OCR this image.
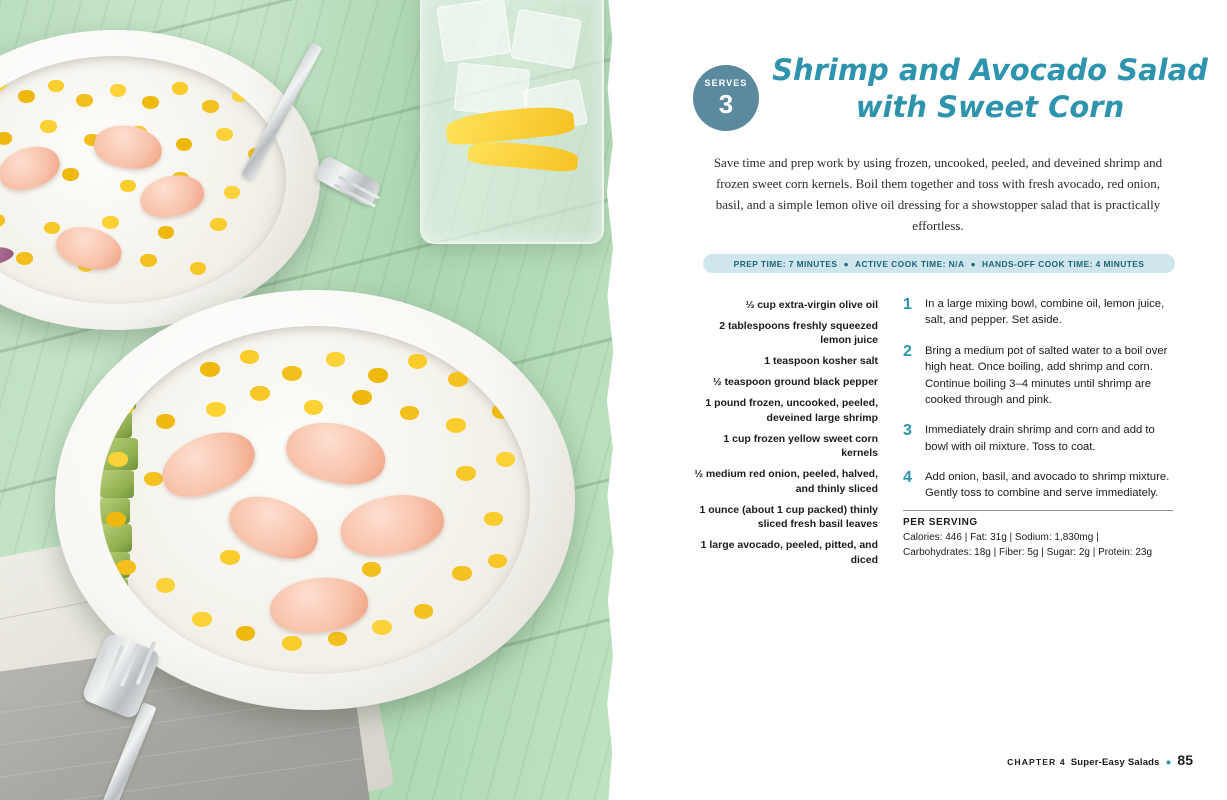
SERVES
3
Shrimp and Avocado Salad
with Sweet Corn
Save time and prep work by using frozen, uncooked, peeled, and deveined shrimp and frozen sweet corn kernels. Boil them together and toss with fresh avocado, red onion, basil, and a simple lemon olive oil dressing for a showstopper salad that is practically effortless.
PREP TIME: 7 MINUTES ● ACTIVE COOK TIME: N/A ● HANDS-OFF COOK TIME: 4 MINUTES
⅓ cup extra-virgin olive oil
2 tablespoons freshly squeezed lemon juice
1 teaspoon kosher salt
½ teaspoon ground black pepper
1 pound frozen, uncooked, peeled, deveined large shrimp
1 cup frozen yellow sweet corn kernels
½ medium red onion, peeled, halved, and thinly sliced
1 ounce (about 1 cup packed) thinly sliced fresh basil leaves
1 large avocado, peeled, pitted, and diced
1	In a large mixing bowl, combine oil, lemon juice, salt, and pepper. Set aside.
2	Bring a medium pot of salted water to a boil over high heat. Once boiling, add shrimp and corn. Continue boiling 3–4 minutes until shrimp are cooked through and pink.
3	Immediately drain shrimp and corn and add to bowl with oil mixture. Toss to coat.
4	Add onion, basil, and avocado to shrimp mixture. Gently toss to combine and serve immediately.
PER SERVING
Calories: 446 | Fat: 31g | Sodium: 1,830mg |
Carbohydrates: 18g | Fiber: 5g | Sugar: 2g | Protein: 23g
CHAPTER 4 Super-Easy Salads ● 85
